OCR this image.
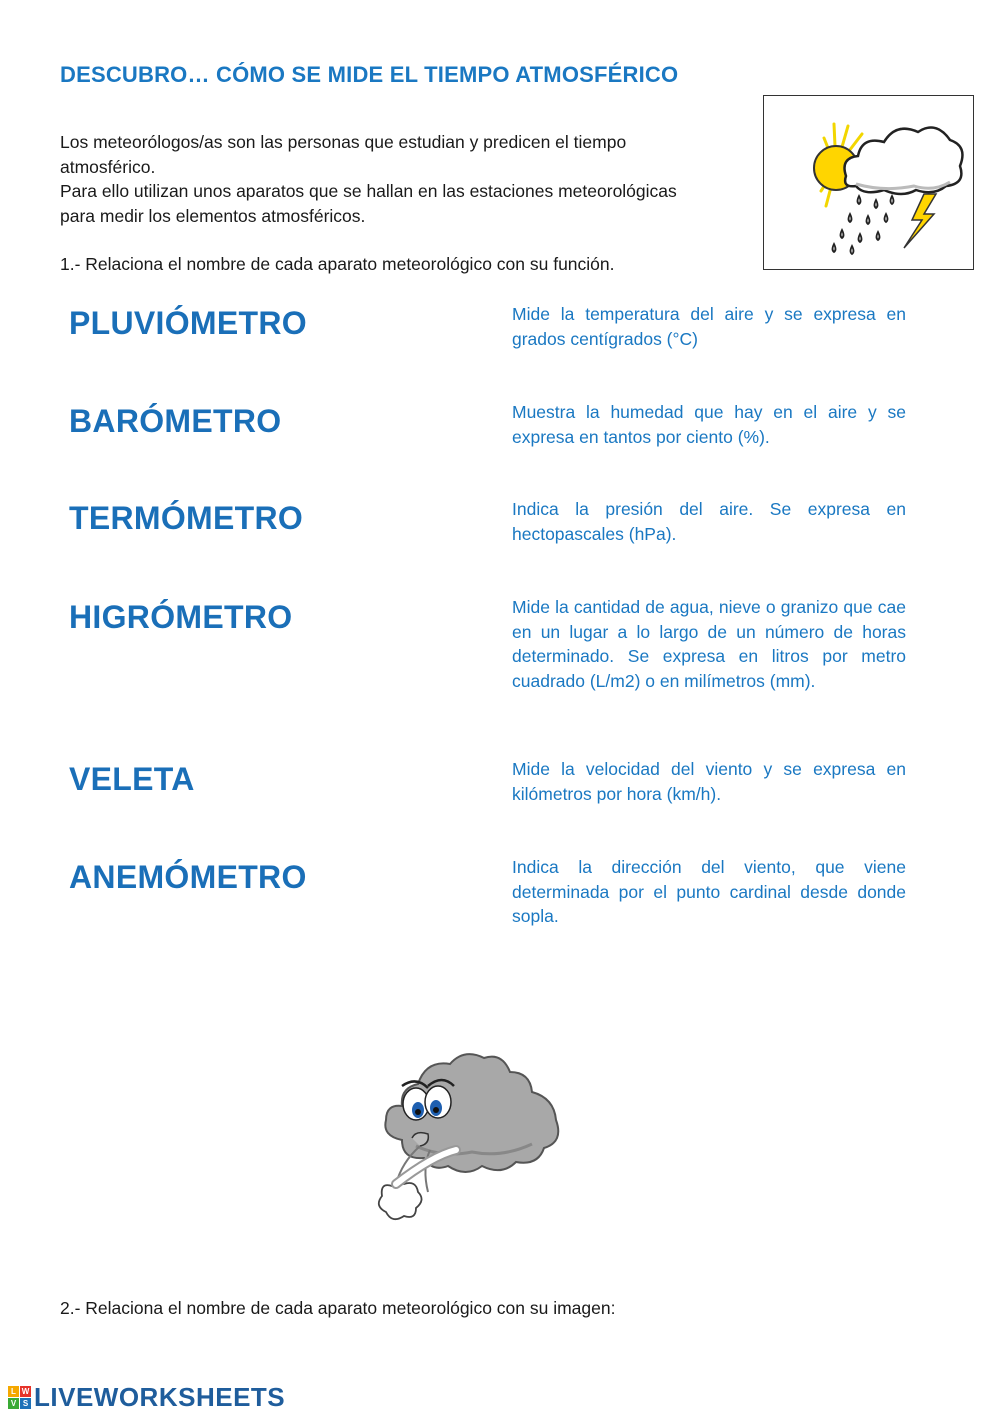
DESCUBRO… CÓMO SE MIDE EL TIEMPO ATMOSFÉRICO

Los meteorólogos/as son las personas que estudian y predicen el tiempo atmosférico.

Para ello utilizan unos aparatos que se hallan en las estaciones meteorológicas para medir los elementos atmosféricos.

1.- Relaciona el nombre de cada aparato meteorológico con su función.
PLUVIÓMETRO
BARÓMETRO
TERMÓMETRO
HIGRÓMETRO
VELETA
ANEMÓMETRO
Mide la temperatura del aire y se expresa en grados centígrados (°C)
Muestra la humedad que hay en el aire y se expresa en tantos por ciento (%).
Indica la presión del aire. Se expresa en hectopascales (hPa).
Mide la cantidad de agua, nieve o granizo que cae en un lugar a lo largo de un número de horas determinado. Se expresa en litros por metro cuadrado (L/m2) o en milímetros (mm).
Mide la velocidad del viento y se expresa en kilómetros por hora (km/h).
Indica la dirección del viento, que viene determinada por el punto cardinal desde donde sopla.
2.- Relaciona el nombre de cada aparato meteorológico con su imagen:
L W
V S LIVEWORKSHEETS
